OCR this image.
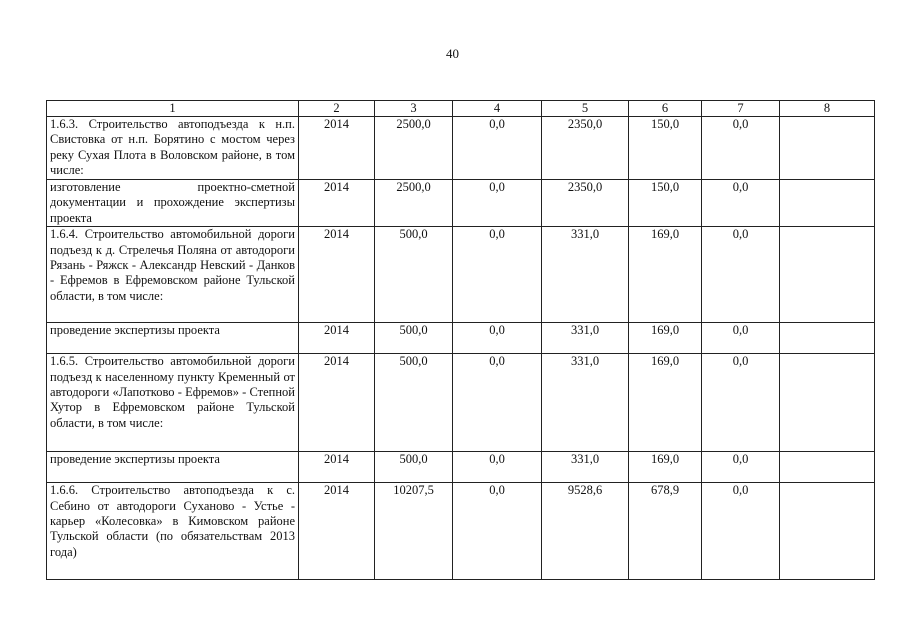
40
1	2	3	4	5	6	7	8
1.6.3. Строительство автоподъезда к н.п. Свистовка от н.п. Борятино с мостом через реку Сухая Плота в Воловском районе, в том числе:	2014	2500,0	0,0	2350,0	150,0	0,0	
изготовление проектно-сметной документации и прохождение экспертизы проекта	2014	2500,0	0,0	2350,0	150,0	0,0	
1.6.4. Строительство автомобильной дороги подъезд к д. Стрелечья Поляна от автодороги Рязань - Ряжск - Александр Невский - Данков - Ефремов в Ефремовском районе Тульской области, в том числе:	2014	500,0	0,0	331,0	169,0	0,0	
проведение экспертизы проекта	2014	500,0	0,0	331,0	169,0	0,0	
1.6.5. Строительство автомобильной дороги подъезд к населенному пункту Кременный от автодороги «Лапотково - Ефремов» - Степной Хутор в Ефремовском районе Тульской области, в том числе:	2014	500,0	0,0	331,0	169,0	0,0	
проведение экспертизы проекта	2014	500,0	0,0	331,0	169,0	0,0	
1.6.6. Строительство автоподъезда к с. Себино от автодороги Суханово - Устье - карьер «Колесовка» в Кимовском районе Тульской области (по обязательствам 2013 года)	2014	10207,5	0,0	9528,6	678,9	0,0	
